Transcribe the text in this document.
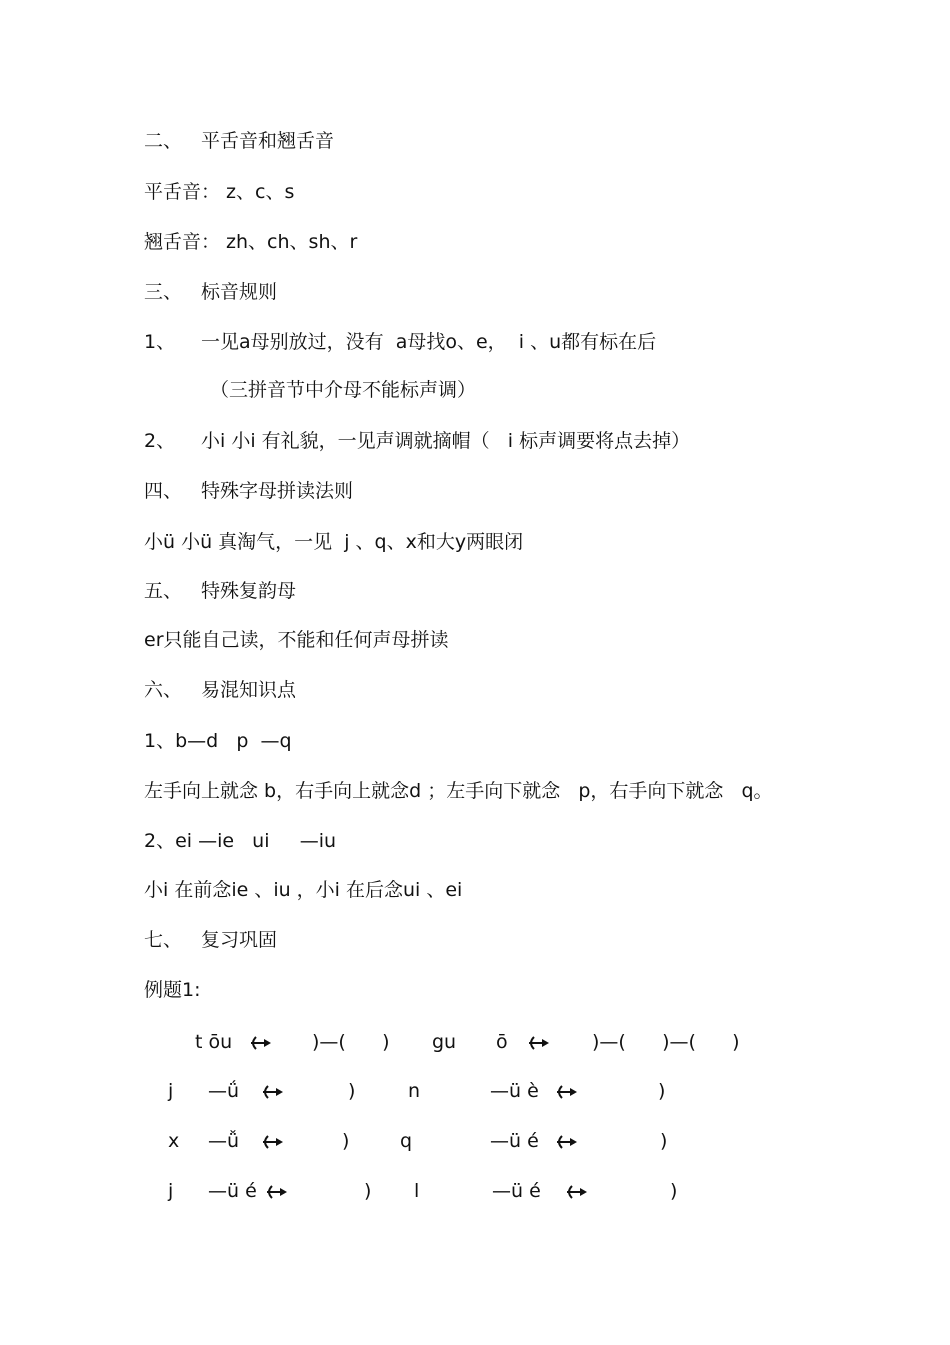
二、 平舌音和翘舌音
平舌音： z、c、s
翘舌音： zh、ch、sh、r
三、 标音规则
1、 一见a母别放过，没有  a母找o、e，  i 、u都有标在后
（三拼音节中介母不能标声调）
2、 小i 小i 有礼貌，一见声调就摘帽（   i 标声调要将点去掉）
四、 特殊字母拼读法则
小ü 小ü 真淘气，一见  j 、q、x和大y两眼闭
五、 特殊复韵母
er只能自己读，不能和任何声母拼读
六、 易混知识点
1、b—d   p  —q
左手向上就念 b，右手向上就念d ；左手向下就念   p，右手向下就念   q。
2、ei —ie   ui     —iu
小i 在前念ie 、iu ，小i 在后念ui 、ei
七、 复习巩固
例题1:
t ōu	)—(      ) gu ō	)—(      )—(      )
j —ǘ	)	n	—ü è	)
x —ǚ	)	q	—ü é	)
j —ü é	) l	—ü é	)
